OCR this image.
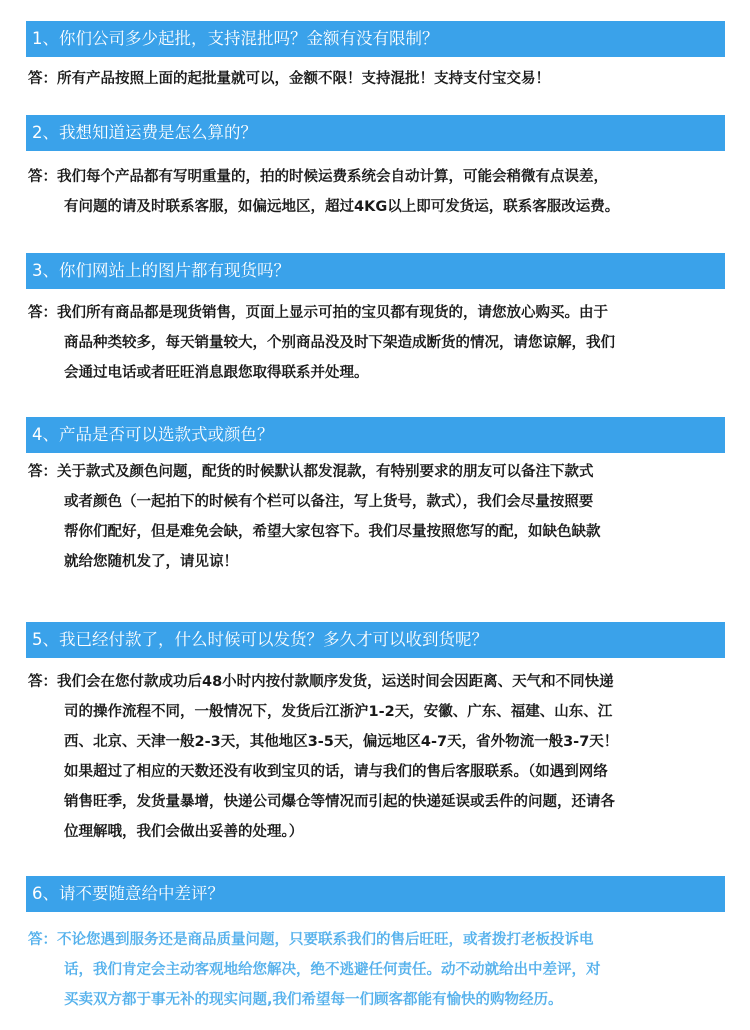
1、你们公司多少起批，支持混批吗？金额有没有限制？
答：所有产品按照上面的起批量就可以，金额不限！支持混批！支持支付宝交易！
2、我想知道运费是怎么算的？
答：我们每个产品都有写明重量的，拍的时候运费系统会自动计算，可能会稍微有点误差，
有问题的请及时联系客服，如偏远地区，超过4KG以上即可发货运，联系客服改运费。
3、你们网站上的图片都有现货吗？
答：我们所有商品都是现货销售，页面上显示可拍的宝贝都有现货的，请您放心购买。由于
商品种类较多，每天销量较大，个别商品没及时下架造成断货的情况，请您谅解，我们
会通过电话或者旺旺消息跟您取得联系并处理。
4、产品是否可以选款式或颜色？
答：关于款式及颜色问题，配货的时候默认都发混款，有特别要求的朋友可以备注下款式
或者颜色（一起拍下的时候有个栏可以备注，写上货号，款式），我们会尽量按照要
帮你们配好，但是难免会缺，希望大家包容下。我们尽量按照您写的配，如缺色缺款
就给您随机发了，请见谅！
5、我已经付款了，什么时候可以发货？多久才可以收到货呢？
答：我们会在您付款成功后48小时内按付款顺序发货，运送时间会因距离、天气和不同快递
司的操作流程不同，一般情况下，发货后江浙沪1-2天，安徽、广东、福建、山东、江
西、北京、天津一般2-3天，其他地区3-5天，偏远地区4-7天，省外物流一般3-7天！
如果超过了相应的天数还没有收到宝贝的话，请与我们的售后客服联系。（如遇到网络
销售旺季，发货量暴增，快递公司爆仓等情况而引起的快递延误或丢件的问题，还请各
位理解哦，我们会做出妥善的处理。）
6、请不要随意给中差评？
答：不论您遇到服务还是商品质量问题，只要联系我们的售后旺旺，或者拨打老板投诉电
话，我们肯定会主动客观地给您解决，绝不逃避任何责任。动不动就给出中差评，对
买卖双方都于事无补的现实问题,我们希望每一们顾客都能有愉快的购物经历。
